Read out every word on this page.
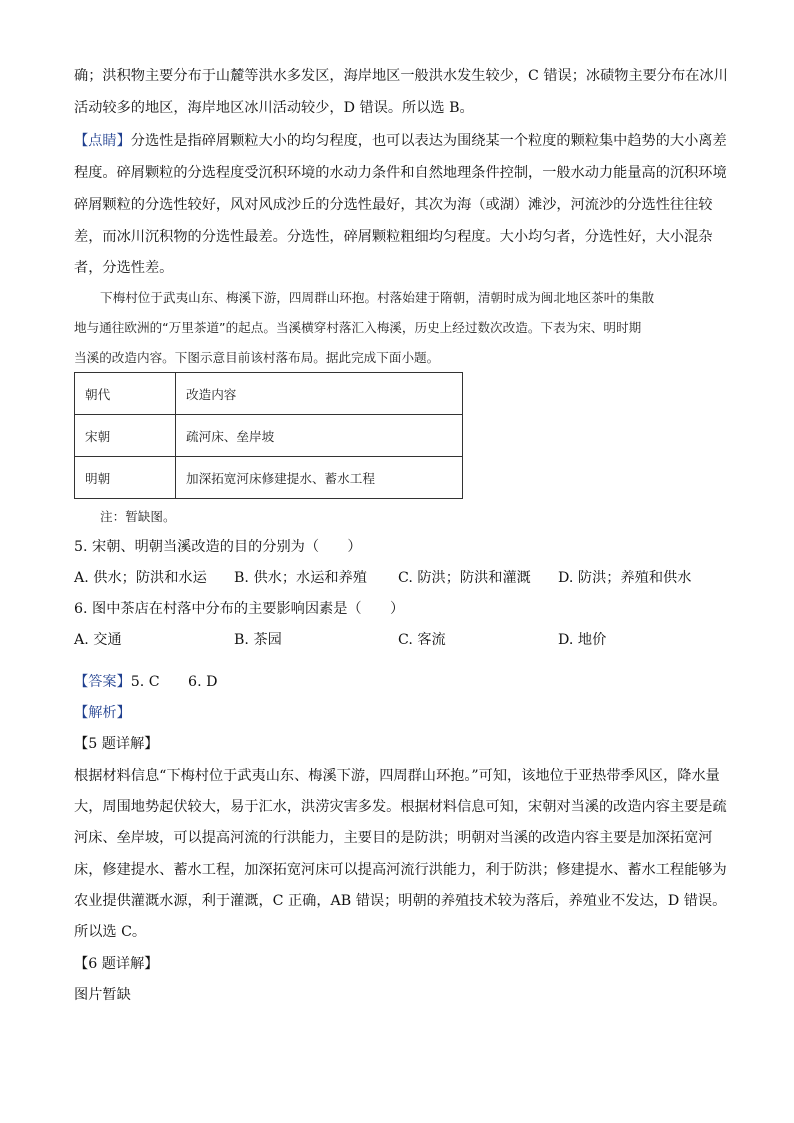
确；洪积物主要分布于山麓等洪水多发区，海岸地区一般洪水发生较少，C 错误；冰碛物主要分布在冰川
活动较多的地区，海岸地区冰川活动较少，D 错误。所以选 B。
【点睛】分选性是指碎屑颗粒大小的均匀程度，也可以表达为围绕某一个粒度的颗粒集中趋势的大小离差
程度。碎屑颗粒的分选程度受沉积环境的水动力条件和自然地理条件控制，一般水动力能量高的沉积环境
碎屑颗粒的分选性较好，风对风成沙丘的分选性最好，其次为海（或湖）滩沙，河流沙的分选性往往较
差，而冰川沉积物的分选性最差。分选性，碎屑颗粒粗细均匀程度。大小均匀者，分选性好，大小混杂
者，分选性差。
下梅村位于武夷山东、梅溪下游，四周群山环抱。村落始建于隋朝，清朝时成为闽北地区茶叶的集散
地与通往欧洲的“万里茶道”的起点。当溪横穿村落汇入梅溪，历史上经过数次改造。下表为宋、明时期
当溪的改造内容。下图示意目前该村落布局。据此完成下面小题。
朝代	改造内容
宋朝	疏河床、垒岸坡
明朝	加深拓宽河床修建提水、蓄水工程
注：暂缺图。
5. 宋朝、明朝当溪改造的目的分别为（　　）
A. 供水；防洪和水运 B. 供水；水运和养殖 C. 防洪；防洪和灌溉 D. 防洪；养殖和供水
6. 图中茶店在村落中分布的主要影响因素是（　　）
A. 交通	B. 茶园	C. 客流	D. 地价
【答案】5. C　　6. D
【解析】
【5 题详解】
根据材料信息“下梅村位于武夷山东、梅溪下游，四周群山环抱。”可知，该地位于亚热带季风区，降水量
大，周围地势起伏较大，易于汇水，洪涝灾害多发。根据材料信息可知，宋朝对当溪的改造内容主要是疏
河床、垒岸坡，可以提高河流的行洪能力，主要目的是防洪；明朝对当溪的改造内容主要是加深拓宽河
床，修建提水、蓄水工程，加深拓宽河床可以提高河流行洪能力，利于防洪；修建提水、蓄水工程能够为
农业提供灌溉水源，利于灌溉，C 正确，AB 错误；明朝的养殖技术较为落后，养殖业不发达，D 错误。
所以选 C。
【6 题详解】
图片暂缺
